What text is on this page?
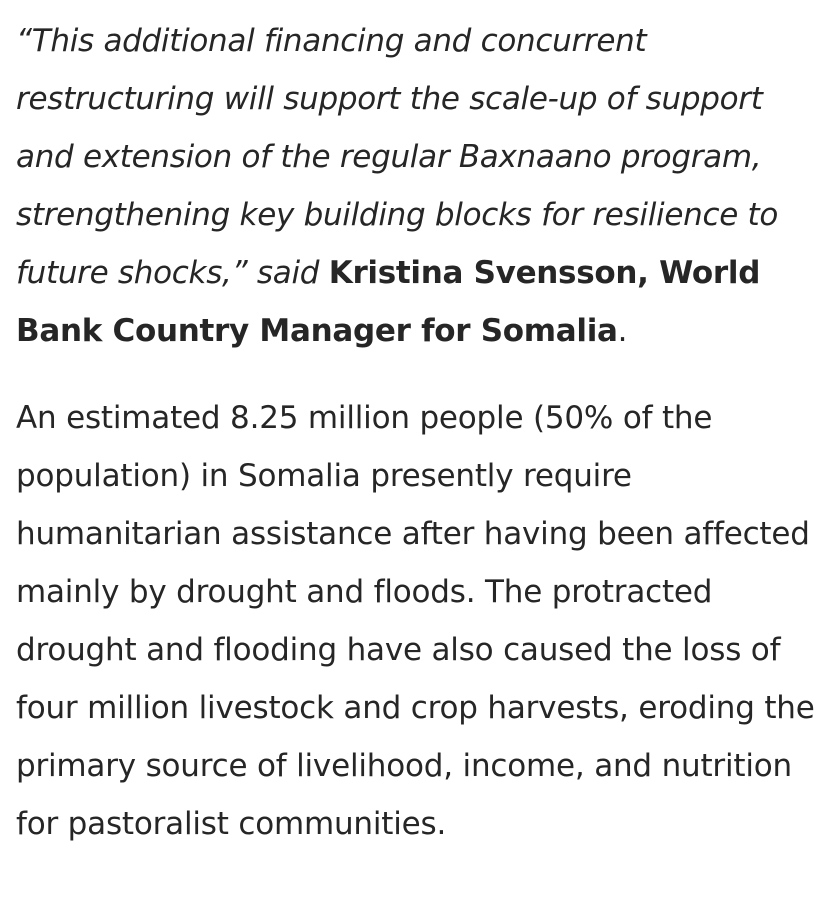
“This additional financing and concurrent restructuring will support the scale-up of support and extension of the regular Baxnaano program, strengthening key building blocks for resilience to future shocks,” said Kristina Svensson, World Bank Country Manager for Somalia.

An estimated 8.25 million people (50% of the population) in Somalia presently require humanitarian assistance after having been affected mainly by drought and floods. The protracted drought and flooding have also caused the loss of four million livestock and crop harvests, eroding the primary source of livelihood, income, and nutrition for pastoralist communities.
